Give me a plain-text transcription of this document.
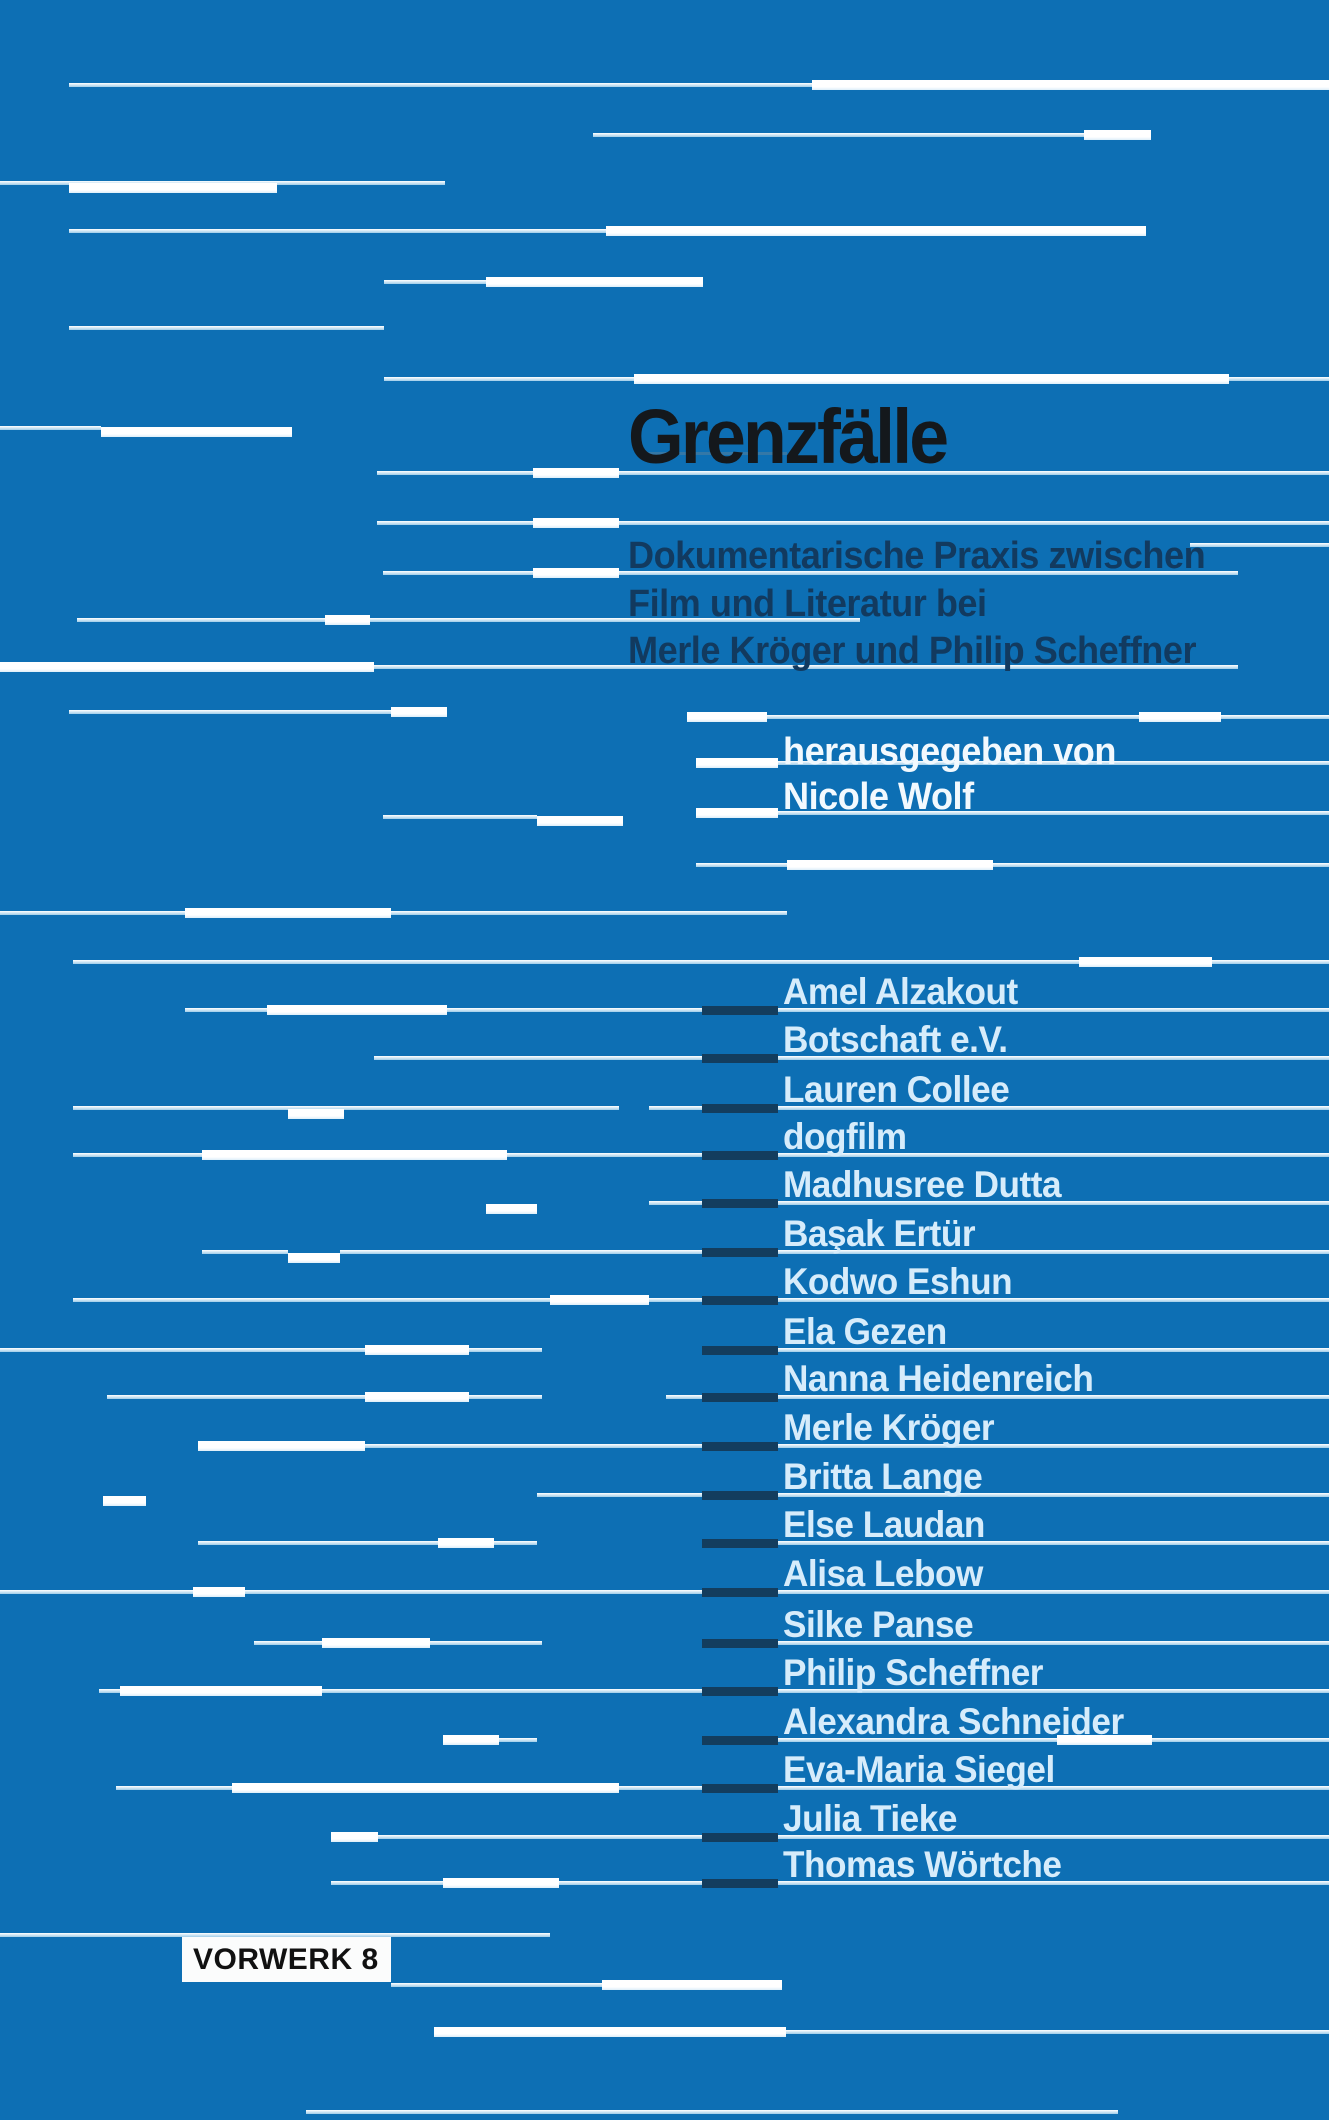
Grenzfälle
Dokumentarische Praxis zwischen
Film und Literatur bei
Merle Kröger und Philip Scheffner
herausgegeben von
Nicole Wolf
Amel Alzakout
Botschaft e.V.
Lauren Collee
dogfilm
Madhusree Dutta
Başak Ertür
Kodwo Eshun
Ela Gezen
Nanna Heidenreich
Merle Kröger
Britta Lange
Else Laudan
Alisa Lebow
Silke Panse
Philip Scheffner
Alexandra Schneider
Eva-Maria Siegel
Julia Tieke
Thomas Wörtche
VORWERK 8
